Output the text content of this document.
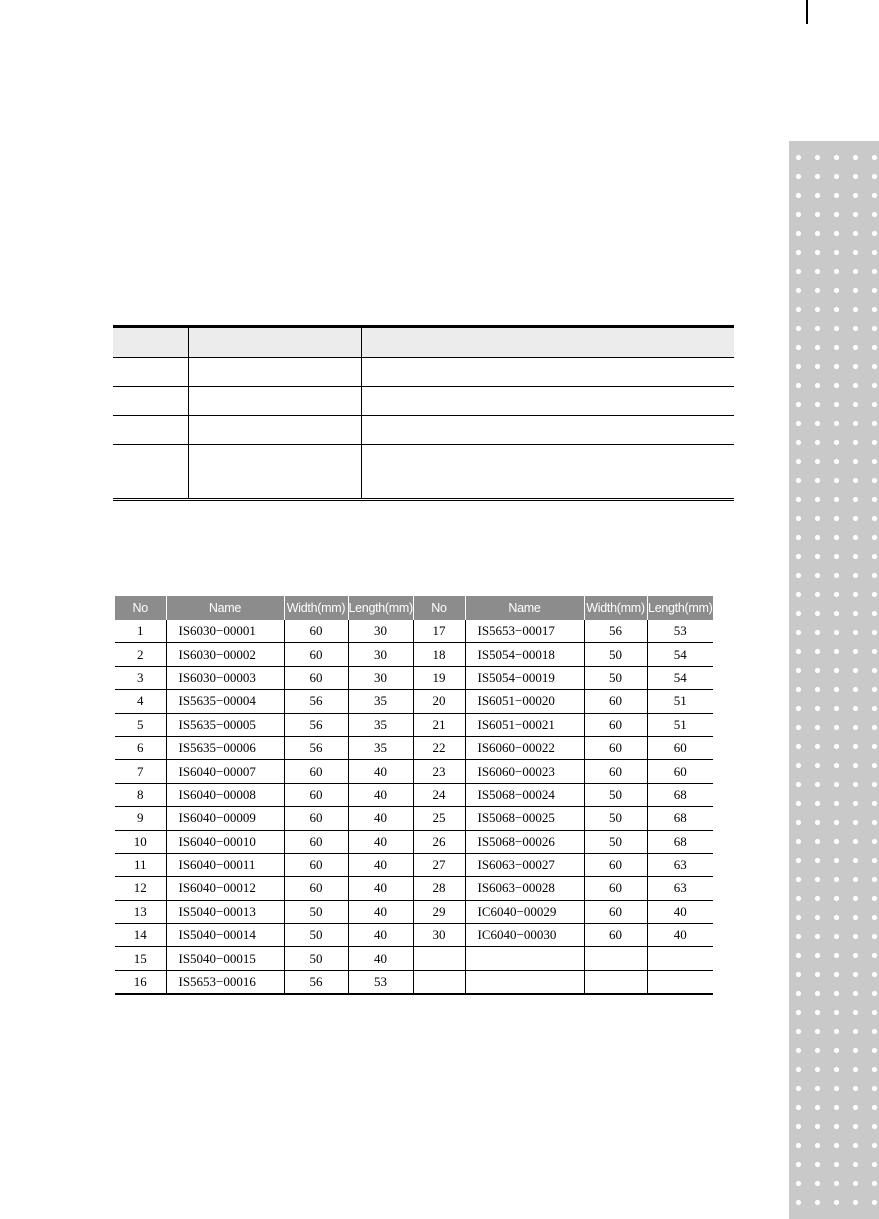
No	Name	Width(mm)	Length(mm)	No	Name	Width(mm)	Length(mm)
1	IS6030−00001	60	30	17	IS5653−00017	56	53
2	IS6030−00002	60	30	18	IS5054−00018	50	54
3	IS6030−00003	60	30	19	IS5054−00019	50	54
4	IS5635−00004	56	35	20	IS6051−00020	60	51
5	IS5635−00005	56	35	21	IS6051−00021	60	51
6	IS5635−00006	56	35	22	IS6060−00022	60	60
7	IS6040−00007	60	40	23	IS6060−00023	60	60
8	IS6040−00008	60	40	24	IS5068−00024	50	68
9	IS6040−00009	60	40	25	IS5068−00025	50	68
10	IS6040−00010	60	40	26	IS5068−00026	50	68
11	IS6040−00011	60	40	27	IS6063−00027	60	63
12	IS6040−00012	60	40	28	IS6063−00028	60	63
13	IS5040−00013	50	40	29	IC6040−00029	60	40
14	IS5040−00014	50	40	30	IC6040−00030	60	40
15	IS5040−00015	50	40				
16	IS5653−00016	56	53				
